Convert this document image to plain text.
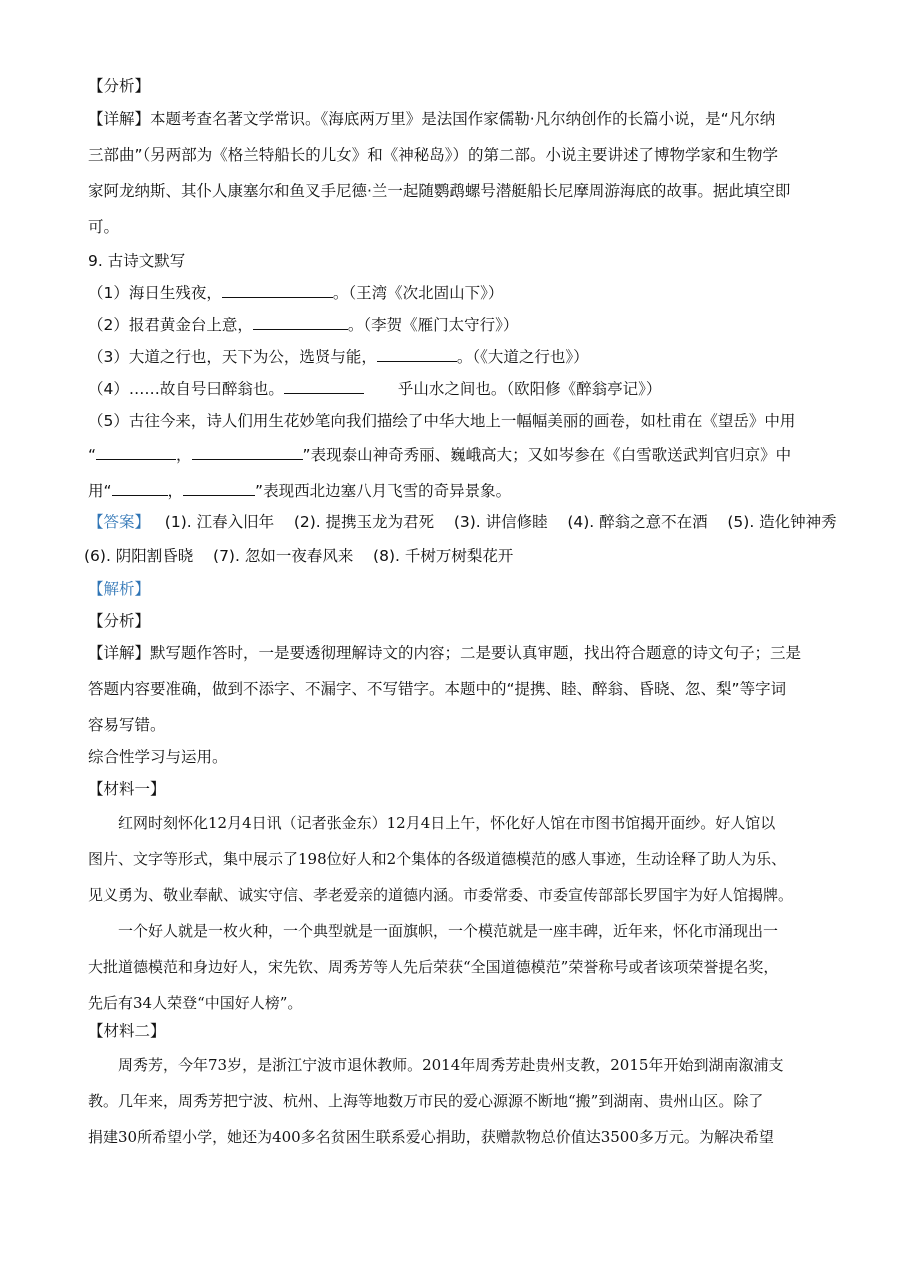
【分析】
【详解】本题考查名著文学常识。《海底两万里》是法国作家儒勒·凡尔纳创作的长篇小说，是“凡尔纳
三部曲”（另两部为《格兰特船长的儿女》和《神秘岛》）的第二部。小说主要讲述了博物学家和生物学
家阿龙纳斯、其仆人康塞尔和鱼叉手尼德·兰一起随鹦鹉螺号潜艇船长尼摩周游海底的故事。据此填空即
可。
9. 古诗文默写
（1）海日生残夜，	。（王湾《次北固山下》）
（2）报君黄金台上意，	。（李贺《雁门太守行》）
（3）大道之行也，天下为公，选贤与能，	。（《大道之行也》）
（4）……故自号曰醉翁也。	乎山水之间也。（欧阳修《醉翁亭记》）
（5）古往今来，诗人们用生花妙笔向我们描绘了中华大地上一幅幅美丽的画卷，如杜甫在《望岳》中用
“	，	”表现泰山神奇秀丽、巍峨高大；又如岑参在《白雪歌送武判官归京》中
用“	，	”表现西北边塞八月飞雪的奇异景象。
【答案】 (1). 江春入旧年    (2). 提携玉龙为君死    (3). 讲信修睦    (4). 醉翁之意不在酒    (5). 造化钟神秀
(6). 阴阳割昏晓    (7). 忽如一夜春风来    (8). 千树万树梨花开
【解析】
【分析】
【详解】默写题作答时，一是要透彻理解诗文的内容；二是要认真审题，找出符合题意的诗文句子；三是
答题内容要准确，做到不添字、不漏字、不写错字。本题中的“提携、睦、醉翁、昏晓、忽、梨”等字词
容易写错。
综合性学习与运用。
【材料一】
红网时刻怀化12月4日讯（记者张金东）12月4日上午，怀化好人馆在市图书馆揭开面纱。好人馆以
图片、文字等形式，集中展示了198位好人和2个集体的各级道德模范的感人事迹，生动诠释了助人为乐、
见义勇为、敬业奉献、诚实守信、孝老爱亲的道德内涵。市委常委、市委宣传部部长罗国宇为好人馆揭牌。
一个好人就是一枚火种，一个典型就是一面旗帜，一个模范就是一座丰碑，近年来，怀化市涌现出一
大批道德模范和身边好人，宋先钦、周秀芳等人先后荣获“全国道德模范”荣誉称号或者该项荣誉提名奖，
先后有34人荣登“中国好人榜”。
【材料二】
周秀芳，今年73岁，是浙江宁波市退休教师。2014年周秀芳赴贵州支教，2015年开始到湖南溆浦支
教。几年来，周秀芳把宁波、杭州、上海等地数万市民的爱心源源不断地“搬”到湖南、贵州山区。除了
捐建30所希望小学，她还为400多名贫困生联系爱心捐助，获赠款物总价值达3500多万元。为解决希望
